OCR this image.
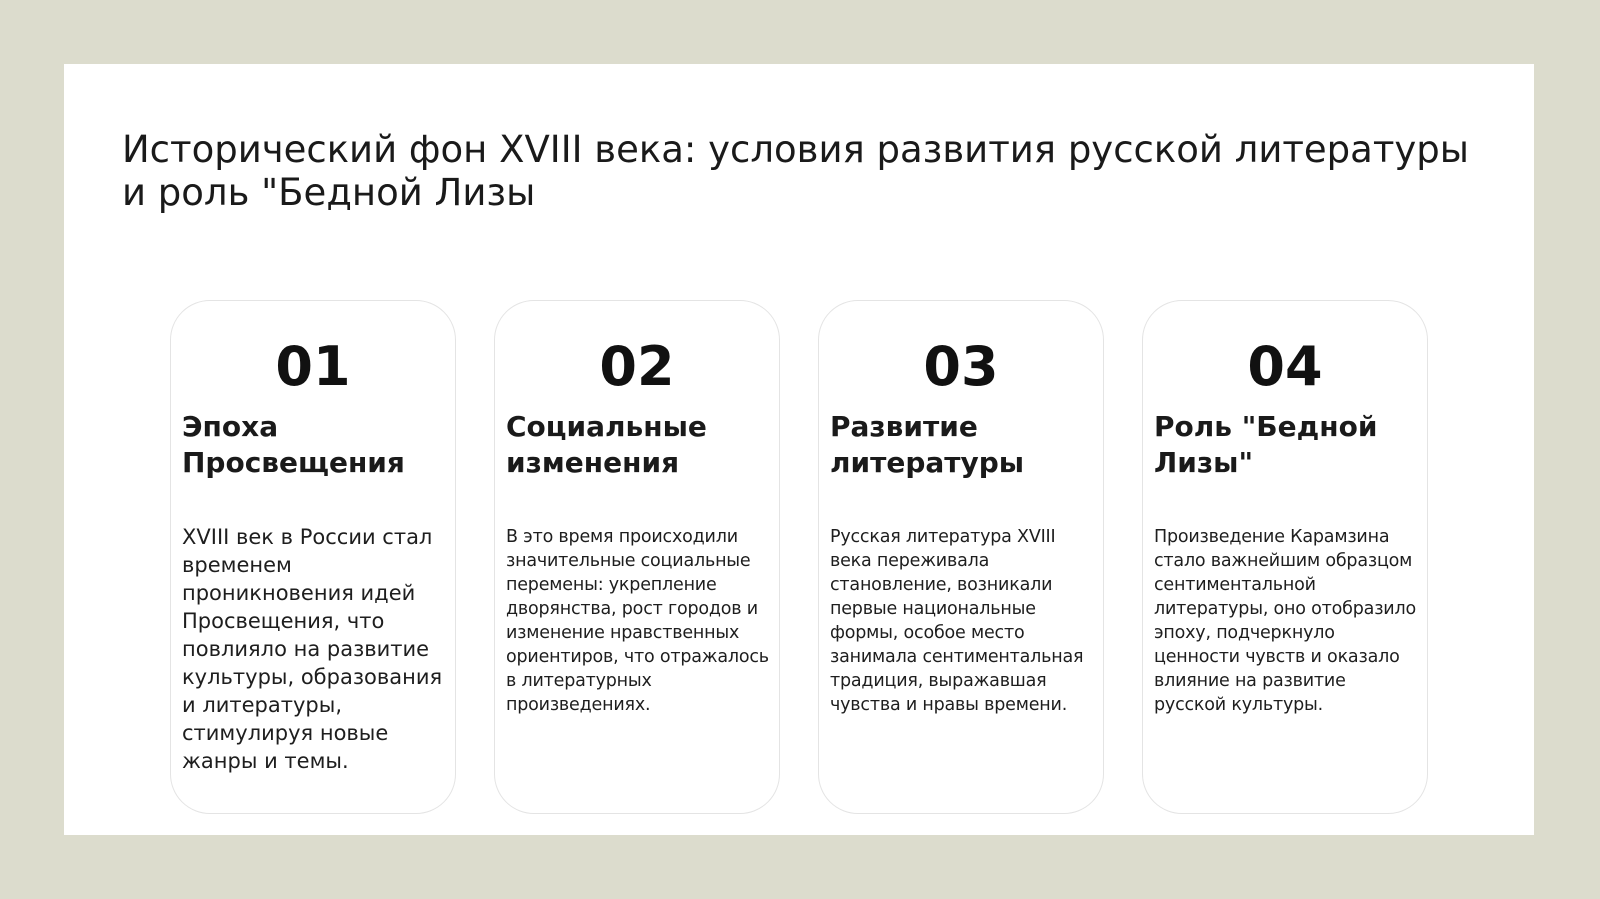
Исторический фон XVIII века: условия развития русской литературы
и роль "Бедной Лизы
01
Эпоха Просвещения
XVIII век в России стал временем проникновения идей Просвещения, что повлияло на развитие культуры, образования и литературы, стимулируя новые жанры и темы.
02
Социальные изменения
В это время происходили значительные социальные перемены: укрепление дворянства, рост городов и изменение нравственных ориентиров, что отражалось в литературных произведениях.
03
Развитие литературы
Русская литература XVIII века переживала становление, возникали первые национальные формы, особое место занимала сентиментальная традиция, выражавшая чувства и нравы времени.
04
Роль "Бедной Лизы"
Произведение Карамзина стало важнейшим образцом сентиментальной литературы, оно отобразило эпоху, подчеркнуло ценности чувств и оказало влияние на развитие русской культуры.
